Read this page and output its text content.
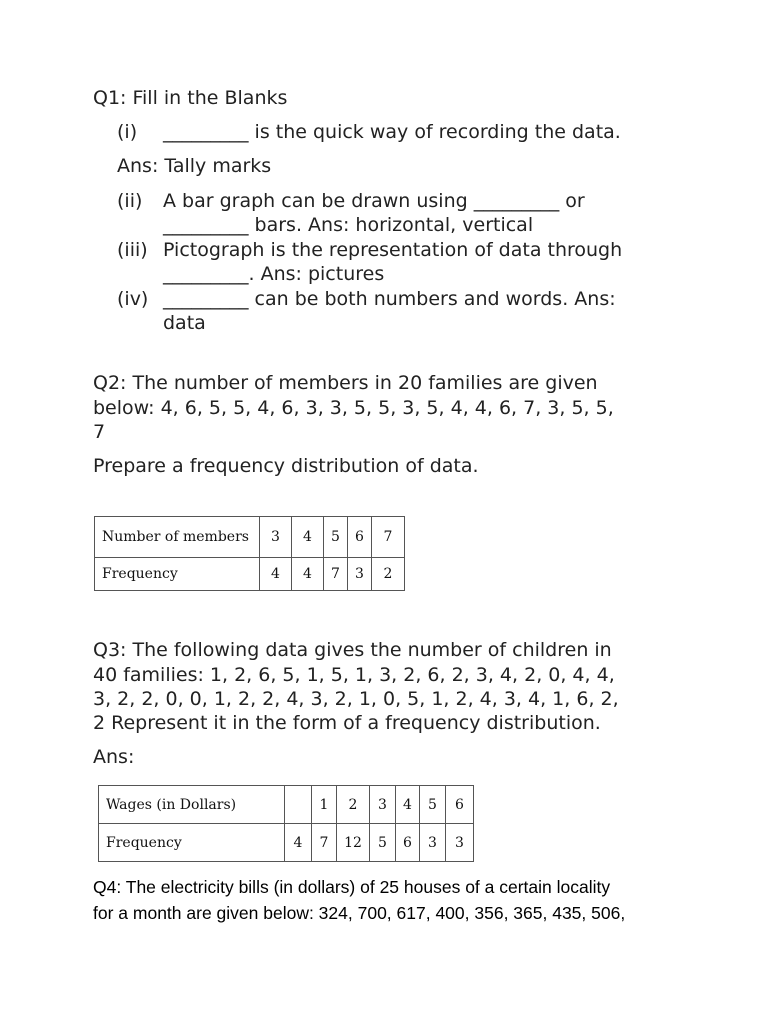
Q1: Fill in the Blanks
(i) _________ is the quick way of recording the data.
Ans: Tally marks
(ii) A bar graph can be drawn using _________ or
_________ bars. Ans: horizontal, vertical
(iii) Pictograph is the representation of data through
_________. Ans: pictures
(iv) _________ can be both numbers and words. Ans:
data
Q2: The number of members in 20 families are given
below: 4, 6, 5, 5, 4, 6, 3, 3, 5, 5, 3, 5, 4, 4, 6, 7, 3, 5, 5,
7
Prepare a frequency distribution of data.
Number of members	3	4	5	6	7
Frequency	4	4	7	3	2
Q3: The following data gives the number of children in
40 families: 1, 2, 6, 5, 1, 5, 1, 3, 2, 6, 2, 3, 4, 2, 0, 4, 4,
3, 2, 2, 0, 0, 1, 2, 2, 4, 3, 2, 1, 0, 5, 1, 2, 4, 3, 4, 1, 6, 2,
2 Represent it in the form of a frequency distribution.
Ans:
Wages (in Dollars)		1	2	3	4	5	6
Frequency	4	7	12	5	6	3	3
Q4: The electricity bills (in dollars) of 25 houses of a certain locality
for a month are given below: 324, 700, 617, 400, 356, 365, 435, 506,
